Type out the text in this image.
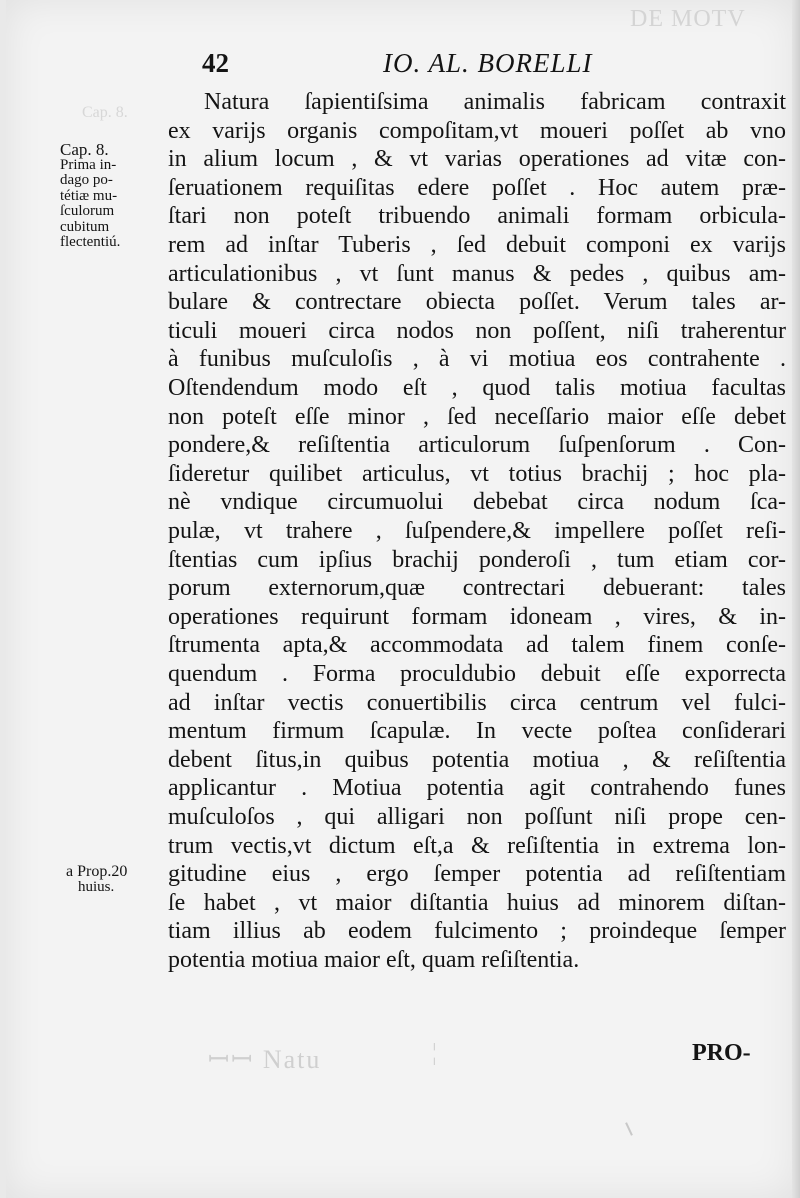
DE MOTV
Cap. 8.
42	IO. AL. BORELLI
Cap. 8.
Prima in-
dago po-
tétiæ mu-
ſculorum
cubitum
flectentiú.
a Prop.20
huius.
Natura ſapientiſsima animalis fabricam contraxit
ex varijs organis compoſitam,vt moueri poſſet ab vno
in alium locum , & vt varias operationes ad vitæ con-
ſeruationem requiſitas edere poſſet . Hoc autem præ-
ſtari non poteſt tribuendo animali formam orbicula-
rem ad inſtar Tuberis , ſed debuit componi ex varijs
articulationibus , vt ſunt manus & pedes , quibus am-
bulare & contrectare obiecta poſſet. Verum tales ar-
ticuli moueri circa nodos non poſſent, niſi traherentur
à funibus muſculoſis , à vi motiua eos contrahente .
Oſtendendum modo eſt , quod talis motiua facultas
non poteſt eſſe minor , ſed neceſſario maior eſſe debet
pondere,& reſiſtentia articulorum ſuſpenſorum . Con-
ſideretur quilibet articulus, vt totius brachij ; hoc pla-
nè vndique circumuolui debebat circa nodum ſca-
pulæ, vt trahere , ſuſpendere,& impellere poſſet reſi-
ſtentias cum ipſius brachij ponderoſi , tum etiam cor-
porum externorum,quæ contrectari debuerant: tales
operationes requirunt formam idoneam , vires, & in-
ſtrumenta apta,& accommodata ad talem finem conſe-
quendum . Forma proculdubio debuit eſſe exporrecta
ad inſtar vectis conuertibilis circa centrum vel fulci-
mentum firmum ſcapulæ. In vecte poſtea conſiderari
debent ſitus,in quibus potentia motiua , & reſiſtentia
applicantur . Motiua potentia agit contrahendo funes
muſculoſos , qui alligari non poſſunt niſi prope cen-
trum vectis,vt dictum eſt,a & reſiſtentia in extrema lon-
gitudine eius , ergo ſemper potentia ad reſiſtentiam
ſe habet , vt maior diſtantia huius ad minorem diſtan-
tiam illius ab eodem fulcimento ; proindeque ſemper
potentia motiua maior eſt, quam reſiſtentia.
ꟷꟷ Natu	¦	PRO-
